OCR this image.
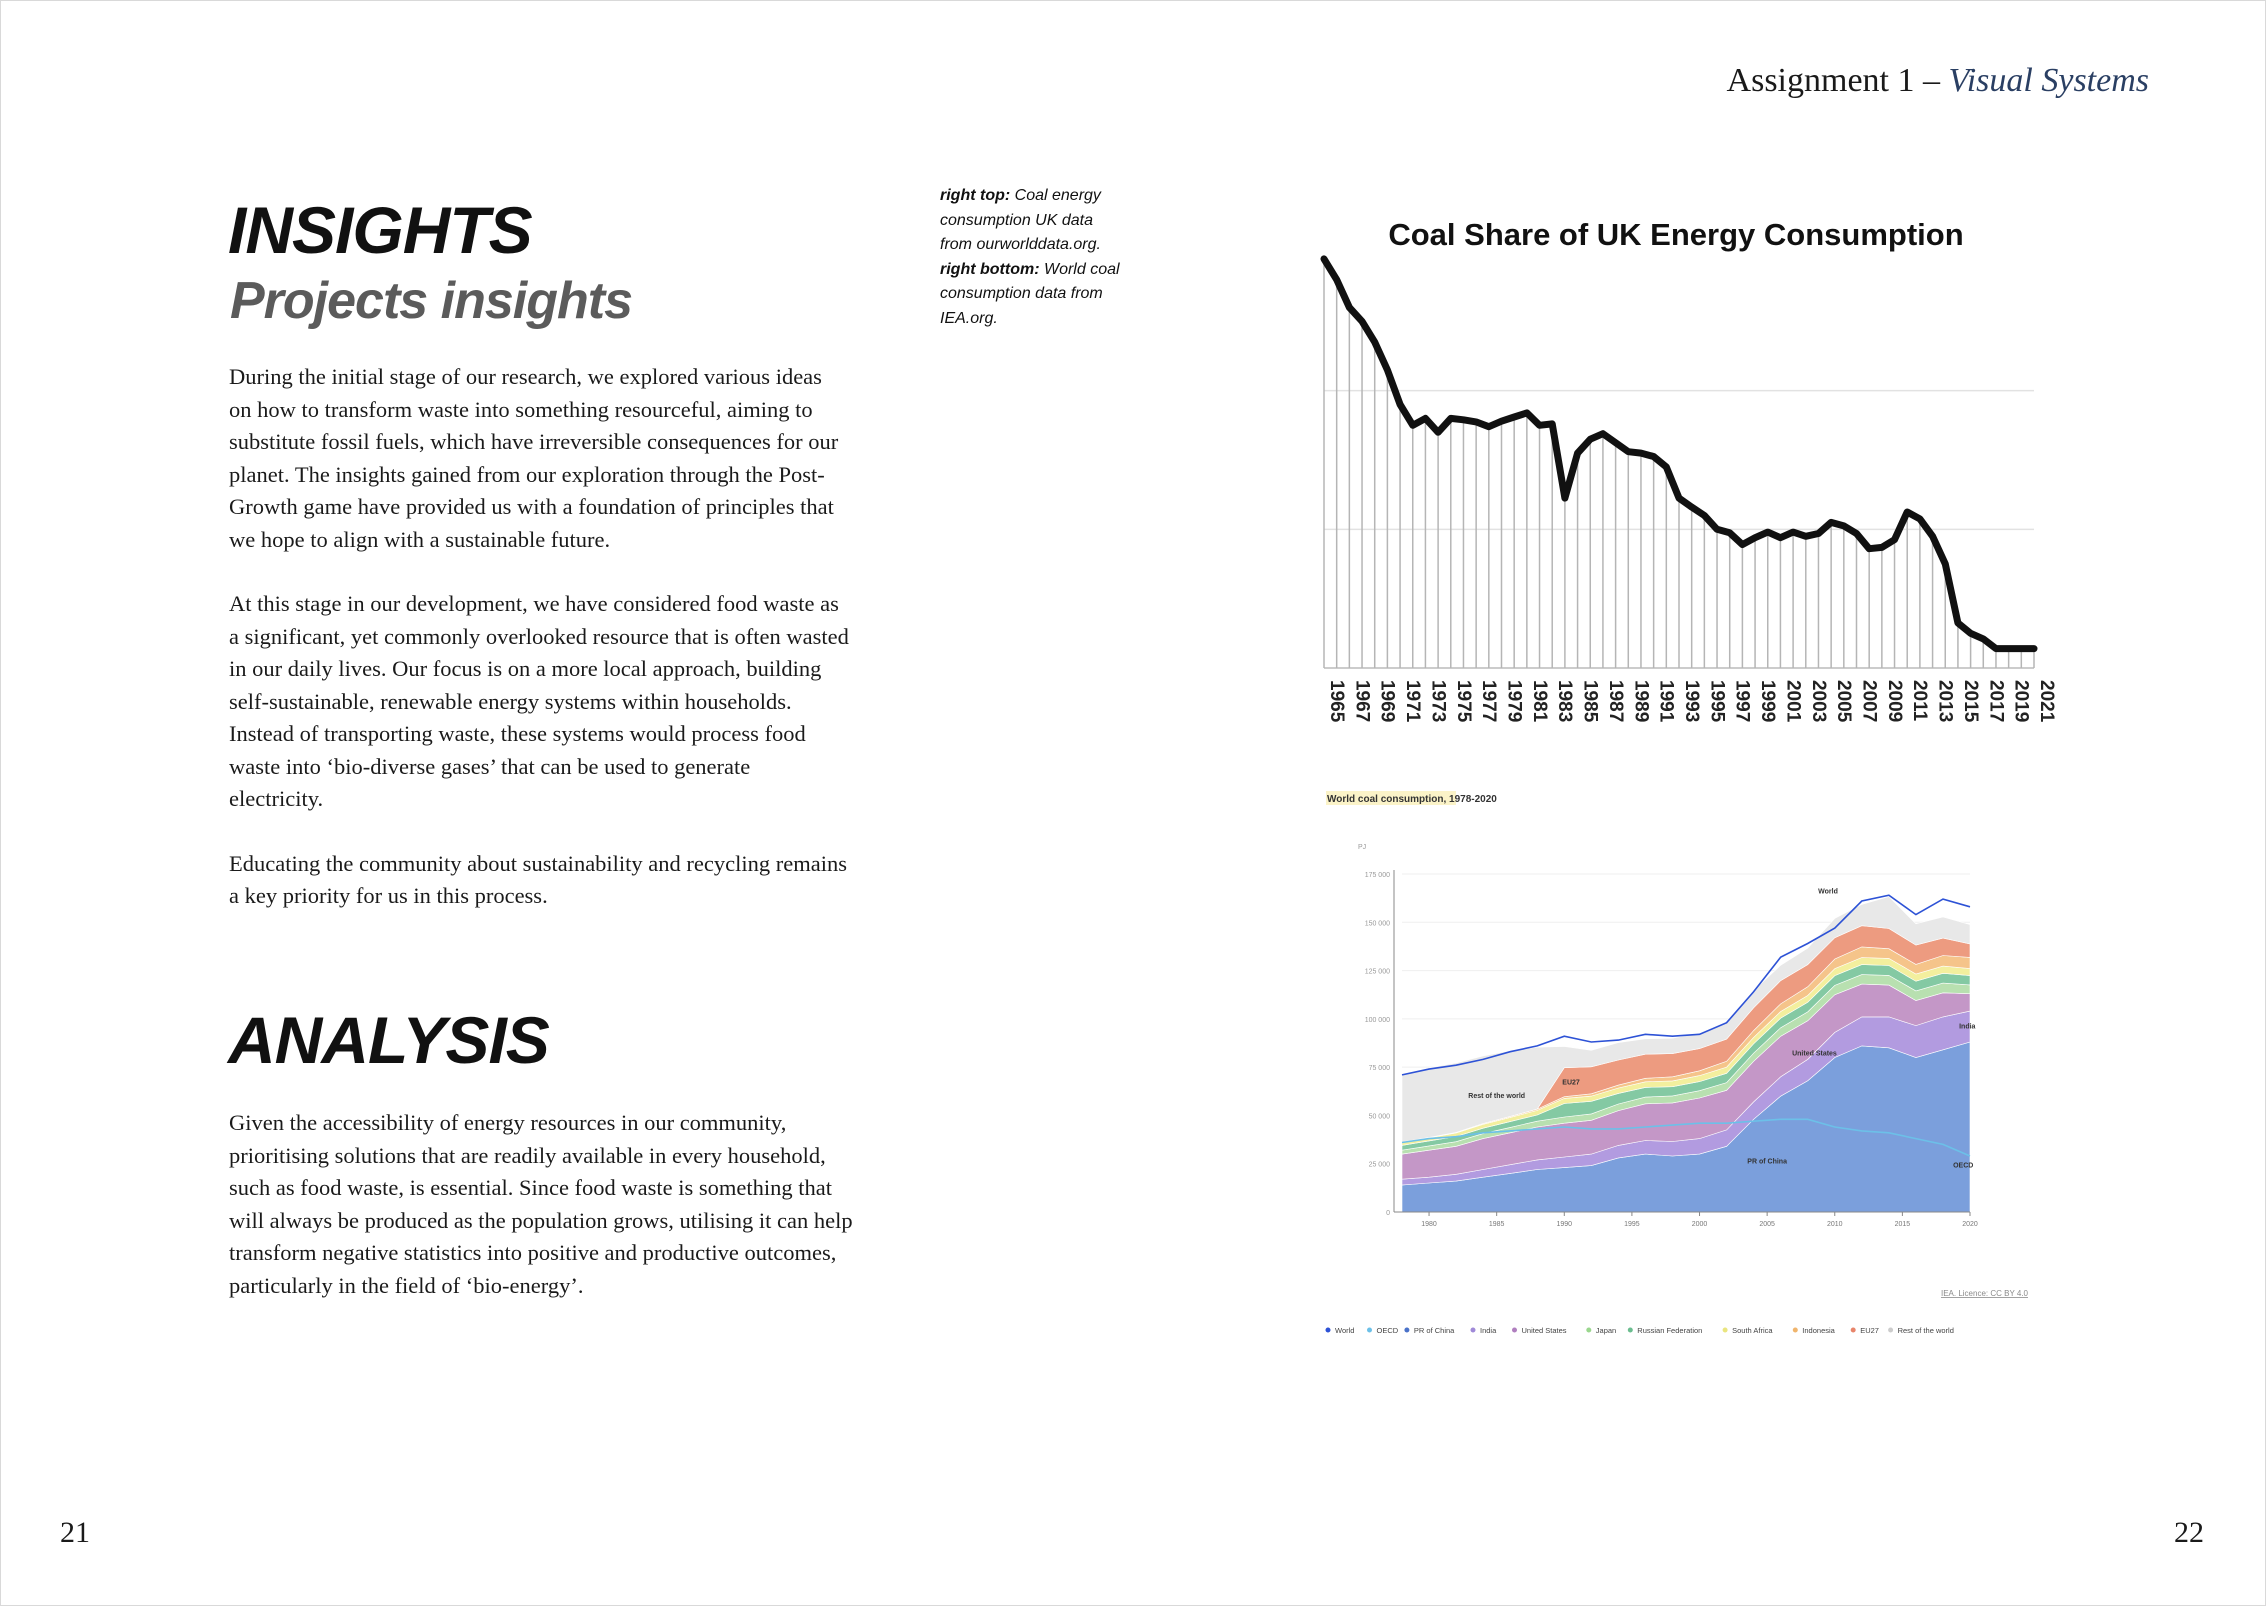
Assignment 1 – Visual Systems
21	22
INSIGHTS
Projects insights

During the initial stage of our research, we explored various ideas on how to transform waste into something resourceful, aiming to substitute fossil fuels, which have irreversible consequences for our planet. The insights gained from our exploration through the Post-Growth game have provided us with a foundation of principles that we hope to align with a sustainable future.

At this stage in our development, we have considered food waste as a significant, yet commonly overlooked resource that is often wasted in our daily lives. Our focus is on a more local approach, building self-sustainable, renewable energy systems within households. Instead of transporting waste, these systems would process food waste into ‘bio-diverse gases’ that can be used to generate electricity.

Educating the community about sustainability and recycling remains a key priority for us in this process.

ANALYSIS

Given the accessibility of energy resources in our community, prioritising solutions that are readily available in every household, such as food waste, is essential. Since food waste is something that will always be produced as the population grows, utilising it can help transform negative statistics into positive and productive outcomes, particularly in the field of ‘bio-energy’.

right top: Coal energy consumption UK data from ourworlddata.org.
right bottom: World coal consumption data from IEA.org.
Coal Share of UK Energy Consumption
1965 1967 1969 1971 1973 1975 1977 1979 1981 1983 1985 1987 1989 1991 1993 1995 1997 1999 2001 2003 2005 2007 2009 2011 2013 2015 2017 2019 2021
World coal consumption, 1978-2020
PJ
0
25 000
50 000
75 000
100 000
125 000
150 000
175 000
1980	1985	1990	1995	2000	2005	2010	2015	2020
World
India
United States
EU27
Rest of the world
PR of China
OECD
IEA. Licence: CC BY 4.0
World	OECD PR of China	India	United States	Japan	Russian Federation	South Africa	Indonesia	EU27 Rest of the world
